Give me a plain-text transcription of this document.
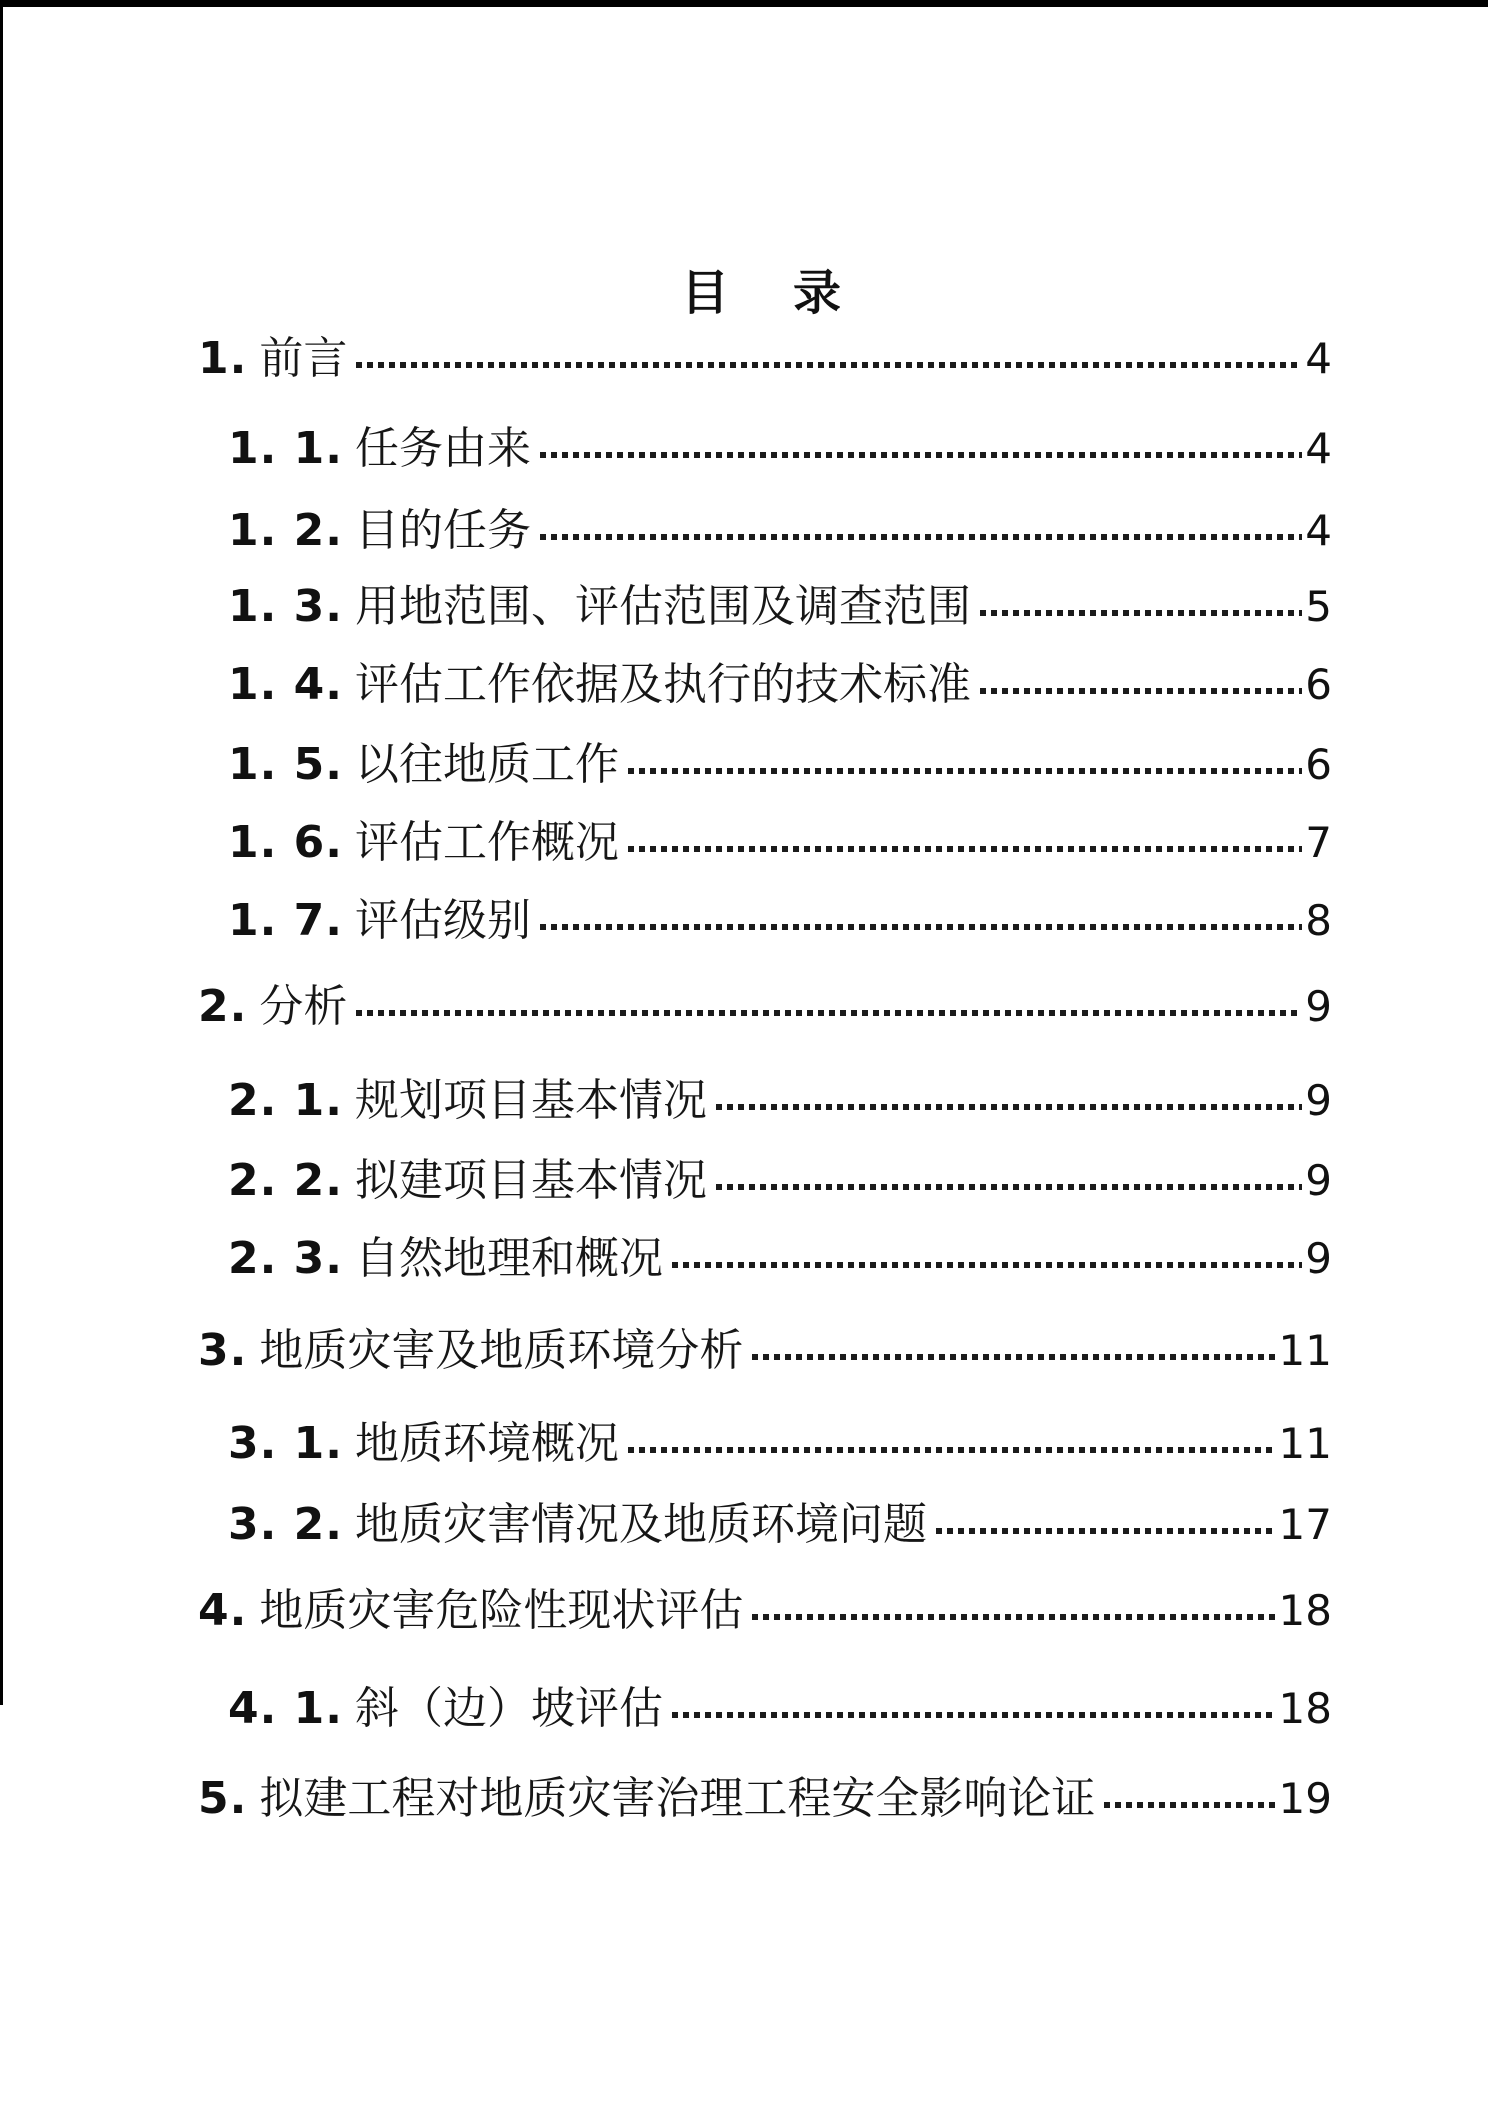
目　录
1. 前言	4
1. 1. 任务由来	4
1. 2. 目的任务	4
1. 3. 用地范围、评估范围及调查范围	5
1. 4. 评估工作依据及执行的技术标准	6
1. 5. 以往地质工作	6
1. 6. 评估工作概况	7
1. 7. 评估级别	8
2. 分析	9
2. 1. 规划项目基本情况	9
2. 2. 拟建项目基本情况	9
2. 3. 自然地理和概况	9
3. 地质灾害及地质环境分析	11
3. 1. 地质环境概况	11
3. 2. 地质灾害情况及地质环境问题	17
4. 地质灾害危险性现状评估	18
4. 1. 斜（边）坡评估	18
5. 拟建工程对地质灾害治理工程安全影响论证	19
